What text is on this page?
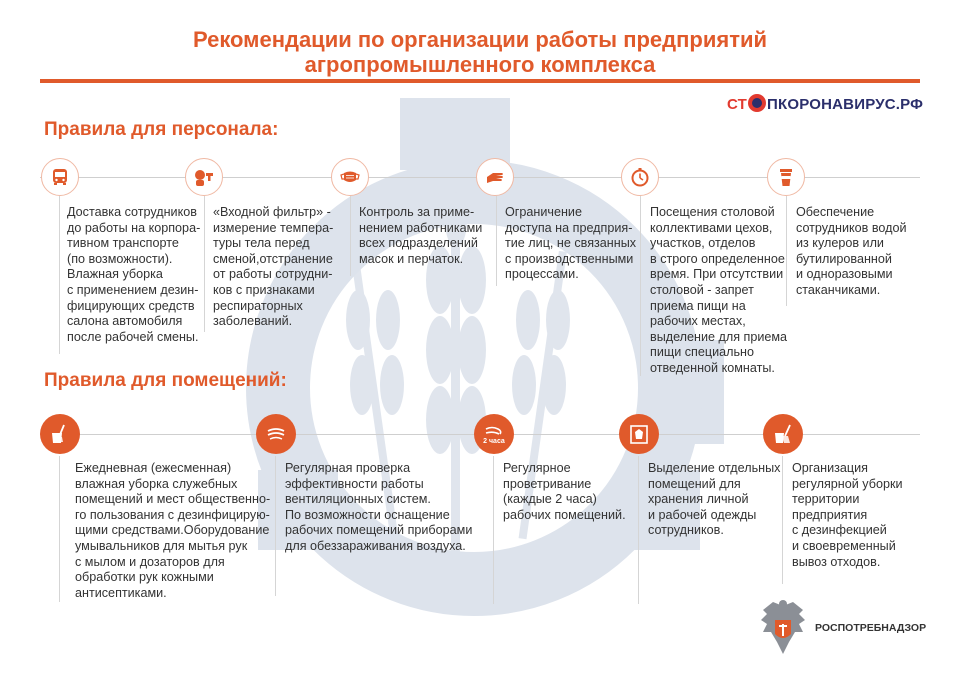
Рекомендации по организации работы предприятий
агропромышленного комплекса
СТ ПКОРОНАВИРУС.РФ
Правила для персонала:
Доставка сотрудников
до работы на корпора-
тивном транспорте
(по возможности).
Влажная уборка
с применением дезин-
фицирующих средств
салона автомобиля
после рабочей смены.
«Входной фильтр» -
измерение темпера-
туры тела перед
сменой,отстранение
от работы сотрудни-
ков с признаками
респираторных
заболеваний.
Контроль за приме-
нением работниками
всех подразделений
масок и перчаток.
Ограничение
доступа на предприя-
тие лиц, не связанных
с производственными
процессами.
Посещения столовой
коллективами цехов,
участков, отделов
в строго определенное
время. При отсутствии
столовой - запрет
приема пищи на
рабочих местах,
выделение для приема
пищи специально
отведенной комнаты.
Обеспечение
сотрудников водой
из кулеров или
бутилированной
и одноразовыми
стаканчиками.
Правила для помещений:
2 часа
Ежедневная (ежесменная)
влажная уборка служебных
помещений и мест общественно-
го пользования с дезинфицирую-
щими средствами.Оборудование
умывальников для мытья рук
с мылом и дозаторов для
обработки рук кожными
антисептиками.
Регулярная проверка
эффективности работы
вентиляционных систем.
По возможности оснащение
рабочих помещений приборами
для обеззараживания воздуха.
Регулярное
проветривание
(каждые 2 часа)
рабочих помещений.
Выделение отдельных
помещений для
хранения личной
и рабочей одежды
сотрудников.
Организация
регулярной уборки
территории
предприятия
с дезинфекцией
и своевременный
вывоз отходов.
РОСПОТРЕБНАДЗОР
